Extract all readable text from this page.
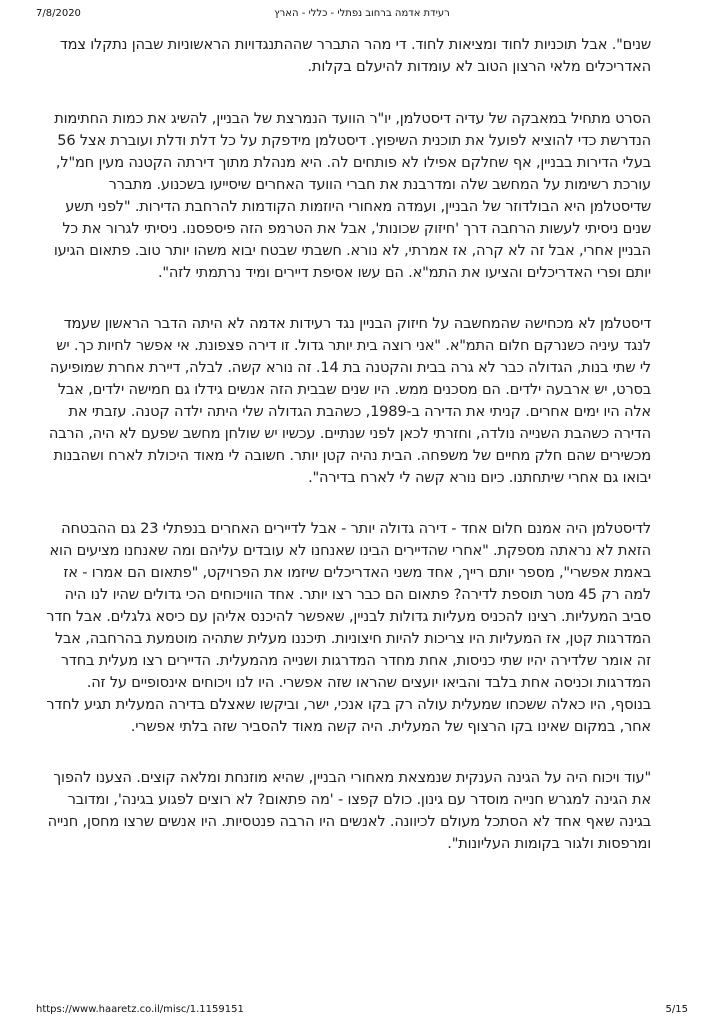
7/8/2020	רעידת אדמה ברחוב נפתלי - כללי - הארץ

שנים". אבל תוכניות לחוד ומציאות לחוד. די מהר התברר שההתנגדויות הראשוניות שבהן נתקלו צמד האדריכלים מלאי הרצון הטוב לא עומדות להיעלם בקלות.

הסרט מתחיל במאבקה של עדיה דיסטלמן, יו"ר הוועד הנמרצת של הבניין, להשיג את כמות החתימות הנדרשת כדי להוציא לפועל את תוכנית השיפוץ. דיסטלמן מידפקת על כל דלת ודלת ועוברת אצל 56 בעלי הדירות בבניין, אף שחלקם אפילו לא פותחים לה. היא מנהלת מתוך דירתה הקטנה מעין חמ"ל, עורכת רשימות על המחשב שלה ומדרבנת את חברי הוועד האחרים שיסייעו בשכנוע. מתברר שדיסטלמן היא הבולדוזר של הבניין, ועמדה מאחורי היוזמות הקודמות להרחבת הדירות. "לפני תשע שנים ניסיתי לעשות הרחבה דרך 'חיזוק שכונות', אבל את הטרמפ הזה פיספסנו. ניסיתי לגרור את כל הבניין אחרי, אבל זה לא קרה, אז אמרתי, לא נורא. חשבתי שבטח יבוא משהו יותר טוב. פתאום הגיעו יותם ופרי האדריכלים והציעו את התמ"א. הם עשו אסיפת דיירים ומיד נרתמתי לזה".

דיסטלמן לא מכחישה שהמחשבה על חיזוק הבניין נגד רעידות אדמה לא היתה הדבר הראשון שעמד לנגד עיניה כשנרקם חלום התמ"א. "אני רוצה בית יותר גדול. זו דירה פצפונת. אי אפשר לחיות כך. יש לי שתי בנות, הגדולה כבר לא גרה בבית והקטנה בת 14. זה נורא קשה. לבלה, דיירת אחרת שמופיעה בסרט, יש ארבעה ילדים. הם מסכנים ממש. היו שנים שבבית הזה אנשים גידלו גם חמישה ילדים, אבל אלה היו ימים אחרים. קניתי את הדירה ב-1989, כשהבת הגדולה שלי היתה ילדה קטנה. עזבתי את הדירה כשהבת השנייה נולדה, וחזרתי לכאן לפני שנתיים. עכשיו יש שולחן מחשב שפעם לא היה, הרבה מכשירים שהם חלק מחיים של משפחה. הבית נהיה קטן יותר. חשובה לי מאוד היכולת לארח ושהבנות יבואו גם אחרי שיתחתנו. כיום נורא קשה לי לארח בדירה".

לדיסטלמן היה אמנם חלום אחד - דירה גדולה יותר - אבל לדיירים האחרים בנפתלי 23 גם ההבטחה הזאת לא נראתה מספקת. "אחרי שהדיירים הבינו שאנחנו לא עובדים עליהם ומה שאנחנו מציעים הוא באמת אפשרי", מספר יותם רייך, אחד משני האדריכלים שיזמו את הפרויקט, "פתאום הם אמרו - אז למה רק 45 מטר תוספת לדירה? פתאום הם כבר רצו יותר. אחד הוויכוחים הכי גדולים שהיו לנו היה סביב המעליות. רצינו להכניס מעליות גדולות לבניין, שאפשר להיכנס אליהן עם כיסא גלגלים. אבל חדר המדרגות קטן, אז המעליות היו צריכות להיות חיצוניות. תיכננו מעלית שתהיה מוטמעת בהרחבה, אבל זה אומר שלדירה יהיו שתי כניסות, אחת מחדר המדרגות ושנייה מהמעלית. הדיירים רצו מעלית בחדר המדרגות וכניסה אחת בלבד והביאו יועצים שהראו שזה אפשרי. היו לנו ויכוחים אינסופיים על זה. בנוסף, היו כאלה ששכחו שמעלית עולה רק בקו אנכי, ישר, וביקשו שאצלם בדירה המעלית תגיע לחדר אחר, במקום שאינו בקו הרצוף של המעלית. היה קשה מאוד להסביר שזה בלתי אפשרי.

"עוד ויכוח היה על הגינה הענקית שנמצאת מאחורי הבניין, שהיא מוזנחת ומלאה קוצים. הצענו להפוך את הגינה למגרש חנייה מוסדר עם גינון. כולם קפצו - 'מה פתאום? לא רוצים לפגוע בגינה', ומדובר בגינה שאף אחד לא הסתכל מעולם לכיוונה. לאנשים היו הרבה פנטסיות. היו אנשים שרצו מחסן, חנייה ומרפסות ולגור בקומות העליונות".

https://www.haaretz.co.il/misc/1.1159151	5/15
